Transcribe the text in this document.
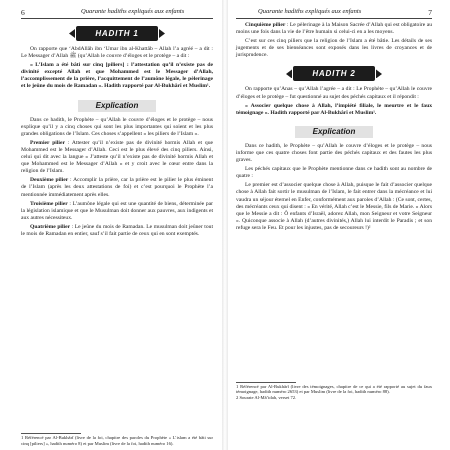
6	Quarante hadiths expliqués aux enfants
HADITH 1

On rapporte que ‘AbdAllâh ibn ‘Umar ibn al-Khattâb – Allah l’a agréé – a dit : Le Messager d’Allah ﷺ (qu’Allah le couvre d’éloges et le protège – a dit :

« L’Islam a été bâti sur cinq [piliers] : l’attestation qu’il n’existe pas de divinité excepté Allah et que Mohammed est le Messager d’Allah, l’accomplissement de la prière, l’acquittement de l’aumône légale, le pèlerinage et le jeûne du mois de Ramadan ». Hadith rapporté par Al-Bukhârî et Muslim¹.

Explication

Dans ce hadith, le Prophète – qu’Allah le couvre d’éloges et le protège – nous explique qu’il y a cinq choses qui sont les plus importantes qui soient et les plus grandes obligations de l’Islam. Ces choses s’appellent « les piliers de l’Islam ».

Premier pilier : Attester qu’il n’existe pas de divinité hormis Allah et que Mohammed est le Messager d’Allah. Ceci est le plus élevé des cinq piliers. Ainsi, celui qui dit avec la langue « J’atteste qu’il n’existe pas de divinité hormis Allah et que Mohammed est le Messager d’Allah » et y croit avec le cœur entre dans la religion de l’Islam.

Deuxième pilier : Accomplir la prière, car la prière est le pilier le plus éminent de l’Islam (après les deux attestations de foi) et c’est pourquoi le Prophète l’a mentionnée immédiatement après elles.

Troisième pilier : L’aumône légale qui est une quantité de biens, déterminée par la législation islamique et que le Musulman doit donner aux pauvres, aux indigents et aux autres nécessiteux.

Quatrième pilier : Le jeûne du mois de Ramadan. Le musulman doit jeûner tout le mois de Ramadan en entier, sauf s’il fait partie de ceux qui en sont exemptés.

1 Référencé par Al-Bukhârî (livre de la foi, chapitre des paroles du Prophète « L’islam a été bâti sur cinq [piliers] », hadith numéro 8) et par Muslim (livre de la foi, hadith numéro 16).

Quarante hadiths expliqués aux enfants	7

Cinquième pilier : Le pèlerinage à la Maison Sacrée d’Allah qui est obligatoire au moins une fois dans la vie de l’être humain si celui-ci en a les moyens.

C’est sur ces cinq piliers que la religion de l’Islam a été bâtie. Les détails de ses jugements et de ses bienséances sont exposés dans les livres de croyances et de jurisprudence.

HADITH 2

On rapporte qu’Anas – qu’Allah l’agrée – a dit : Le Prophète – qu’Allah le couvre d’éloges et le protège – fut questionné au sujet des péchés capitaux et il répondit :

« Associer quelque chose à Allah, l’impiété filiale, le meurtre et le faux témoignage ». Hadith rapporté par Al-Bukhârî et Muslim¹.

Explication

Dans ce hadith, le Prophète – qu’Allah le couvre d’éloges et le protège – nous informe que ces quatre choses font partie des péchés capitaux et des fautes les plus graves.

Les péchés capitaux que le Prophète mentionne dans ce hadith sont au nombre de quatre :

Le premier est d’associer quelque chose à Allah, puisque le fait d’associer quelque chose à Allah fait sortir le musulman de l’Islam, le fait entrer dans la mécréance et lui vaudra un séjour éternel en Enfer, conformément aux paroles d’Allah : (Ce sont, certes, des mécréants ceux qui disent : « En vérité, Allah c’est le Messie, fils de Marie. » Alors que le Messie a dit : Ô enfants d’Israël, adorez Allah, mon Seigneur et votre Seigneur ». Quiconque associe à Allah (d’autres divinités,) Allah lui interdit le Paradis ; et son refuge sera le Feu. Et pour les injustes, pas de secoureurs !)²

1 Référencé par Al-Bukhârî (livre des témoignages, chapitre de ce qui a été rapporté au sujet du faux témoignage, hadith numéro 2653) et par Muslim (livre de la foi, hadith numéro 88).

2 Sourate Al-Mâ’idah, verset 72.
